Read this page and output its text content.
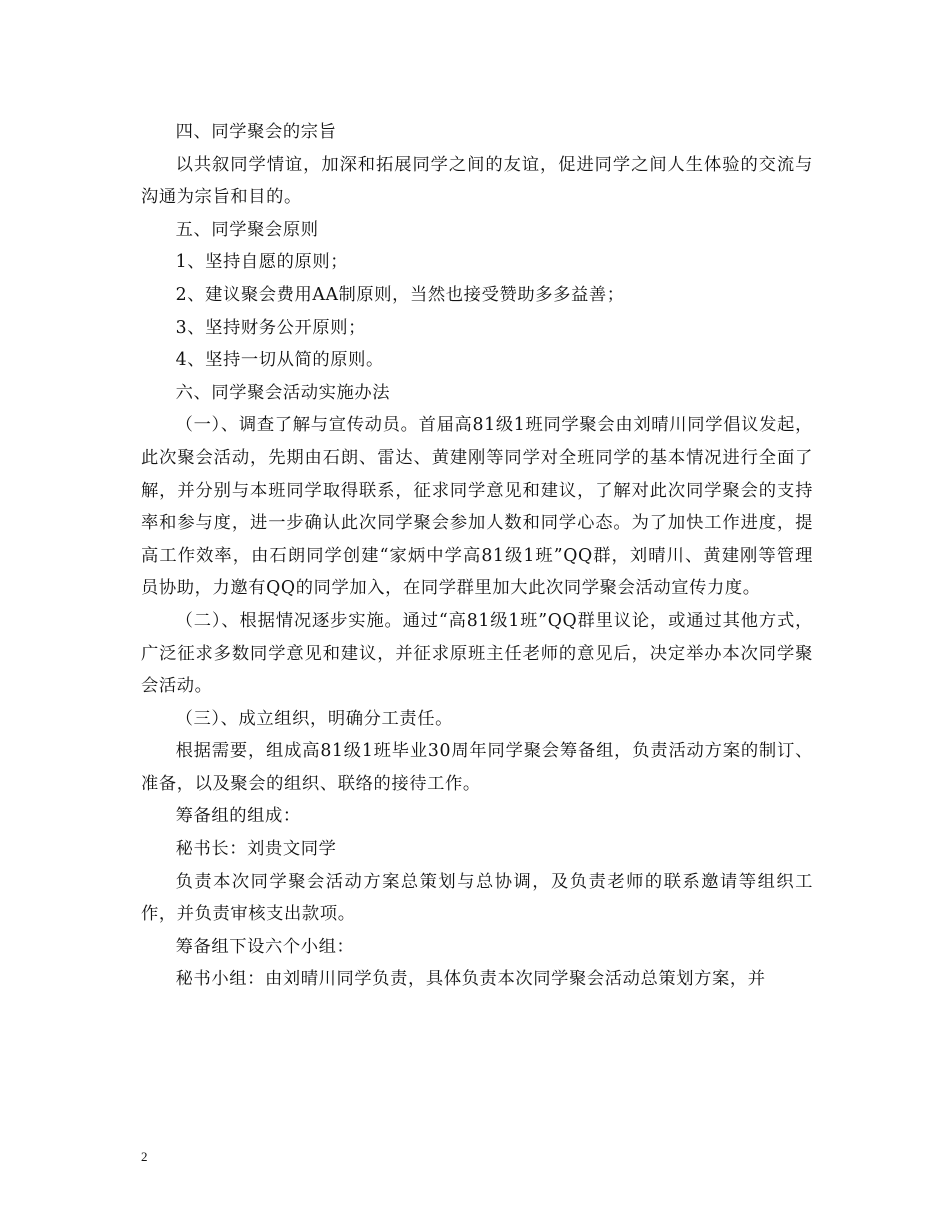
四、同学聚会的宗旨

以共叙同学情谊，加深和拓展同学之间的友谊，促进同学之间人生体验的交流与沟通为宗旨和目的。

五、同学聚会原则

1、坚持自愿的原则；

2、建议聚会费用AA制原则，当然也接受赞助多多益善；

3、坚持财务公开原则；

4、坚持一切从简的原则。

六、同学聚会活动实施办法

（一）、调查了解与宣传动员。首届高81级1班同学聚会由刘晴川同学倡议发起，此次聚会活动，先期由石朗、雷达、黄建刚等同学对全班同学的基本情况进行全面了解，并分别与本班同学取得联系，征求同学意见和建议，了解对此次同学聚会的支持率和参与度，进一步确认此次同学聚会参加人数和同学心态。为了加快工作进度，提高工作效率，由石朗同学创建“家炳中学高81级1班”QQ群，刘晴川、黄建刚等管理员协助，力邀有QQ的同学加入，在同学群里加大此次同学聚会活动宣传力度。

（二）、根据情况逐步实施。通过“高81级1班”QQ群里议论，或通过其他方式，广泛征求多数同学意见和建议，并征求原班主任老师的意见后，决定举办本次同学聚会活动。

（三）、成立组织，明确分工责任。

根据需要，组成高81级1班毕业30周年同学聚会筹备组，负责活动方案的制订、准备，以及聚会的组织、联络的接待工作。

筹备组的组成：

秘书长：刘贵文同学

负责本次同学聚会活动方案总策划与总协调，及负责老师的联系邀请等组织工作，并负责审核支出款项。

筹备组下设六个小组：

秘书小组：由刘晴川同学负责，具体负责本次同学聚会活动总策划方案，并

2
